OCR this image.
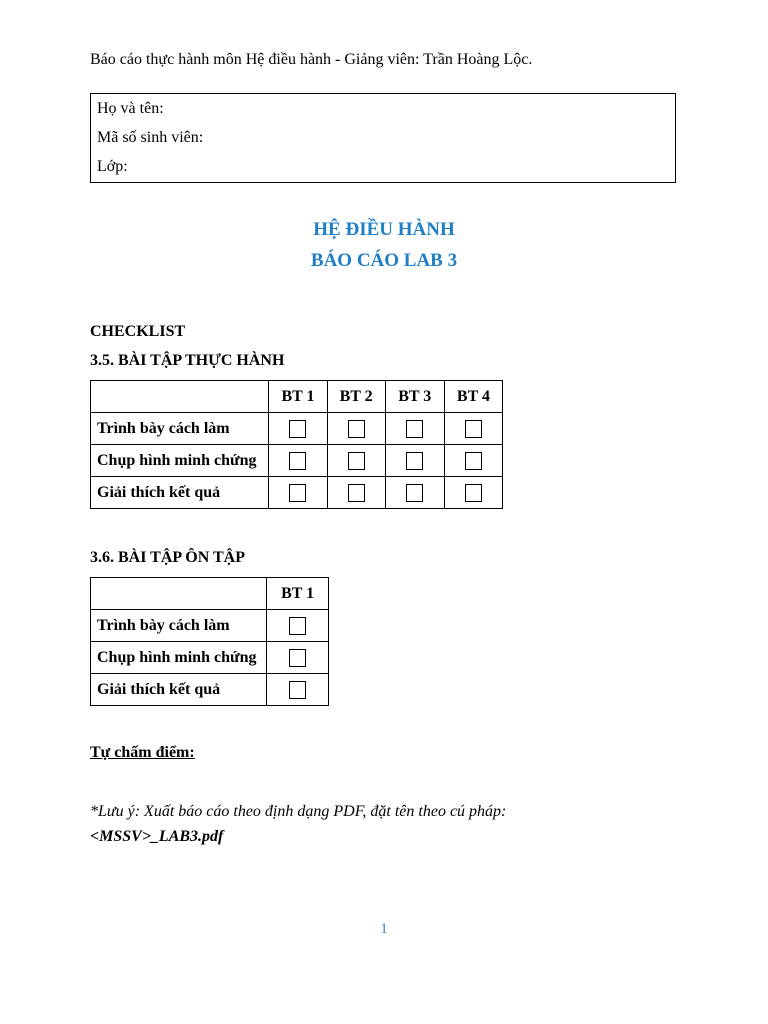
Báo cáo thực hành môn Hệ điều hành - Giảng viên: Trần Hoàng Lộc.
Họ và tên:
Mã số sinh viên:
Lớp:
HỆ ĐIỀU HÀNH
BÁO CÁO LAB 3
CHECKLIST
3.5. BÀI TẬP THỰC HÀNH
	BT 1	BT 2	BT 3	BT 4
Trình bày cách làm				
Chụp hình minh chứng				
Giải thích kết quả				
3.6. BÀI TẬP ÔN TẬP
	BT 1
Trình bày cách làm	
Chụp hình minh chứng	
Giải thích kết quả	
Tự chấm điểm:
*Lưu ý: Xuất báo cáo theo định dạng PDF, đặt tên theo cú pháp:
<MSSV>_LAB3.pdf
1
